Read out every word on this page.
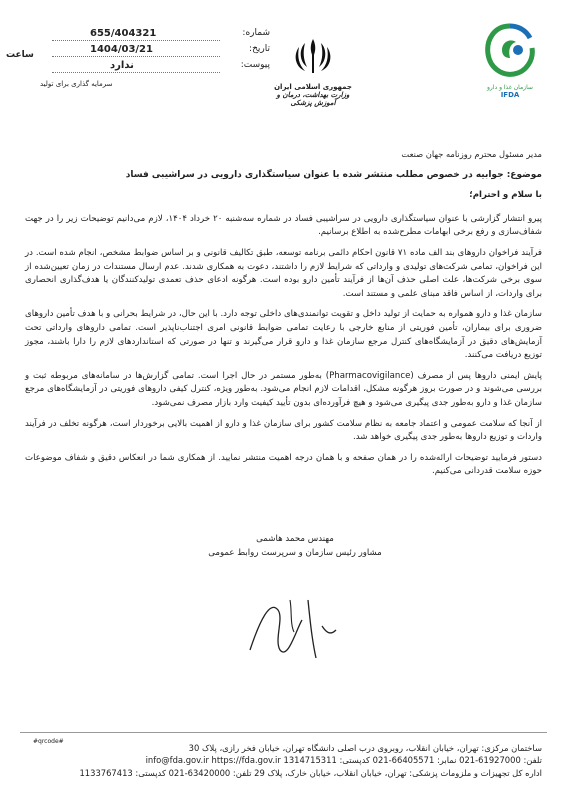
شماره:
655/404321
تاریخ:
1404/03/21
پیوست:
ندارد
ساعت
سرمایه گذاری برای تولید	جمهوری اسلامی ایران
وزارت بهداشت، درمان و آموزش پزشکی
سازمان غذا و دارو
IFDA

مدیر مسئول محترم روزنامه جهان صنعت

موضوع: جوابیه در خصوص مطلب منتشر شده با عنوان سیاستگذاری دارویی در سراشیبی فساد

با سلام و احترام؛

پیرو انتشار گزارشی با عنوان سیاستگذاری دارویی در سراشیبی فساد در شماره سه‌شنبه ۲۰ خرداد ۱۴۰۴، لازم می‌دانیم توضیحات زیر را در جهت شفاف‌سازی و رفع برخی ابهامات مطرح‌شده به اطلاع برسانیم.

فرآیند فراخوان داروهای بند الف ماده ۷۱ قانون احکام دائمی برنامه توسعه، طبق تکالیف قانونی و بر اساس ضوابط مشخص، انجام شده است. در این فراخوان، تمامی شرکت‌های تولیدی و وارداتی که شرایط لازم را داشتند، دعوت به همکاری شدند. عدم ارسال مستندات در زمان تعیین‌شده از سوی برخی شرکت‌ها، علت اصلی حذف آن‌ها از فرآیند تأمین دارو بوده است. هرگونه ادعای حذف تعمدی تولیدکنندگان یا هدف‌گذاری انحصاری برای واردات، از اساس فاقد مبنای علمی و مستند است.

سازمان غذا و دارو همواره به حمایت از تولید داخل و تقویت توانمندی‌های داخلی توجه دارد. با این حال، در شرایط بحرانی و با هدف تأمین داروهای ضروری برای بیماران، تأمین فوریتی از منابع خارجی با رعایت تمامی ضوابط قانونی امری اجتناب‌ناپذیر است. تمامی داروهای وارداتی تحت آزمایش‌های دقیق در آزمایشگاه‌های کنترل مرجع سازمان غذا و دارو قرار می‌گیرند و تنها در صورتی که استانداردهای لازم را دارا باشند، مجوز توزیع دریافت می‌کنند.

پایش ایمنی داروها پس از مصرف (Pharmacovigilance) به‌طور مستمر در حال اجرا است. تمامی گزارش‌ها در سامانه‌های مربوطه ثبت و بررسی می‌شوند و در صورت بروز هرگونه مشکل، اقدامات لازم انجام می‌شود. به‌طور ویژه، کنترل کیفی داروهای فوریتی در آزمایشگاه‌های مرجع سازمان غذا و دارو به‌طور جدی پیگیری می‌شود و هیچ فرآورده‌ای بدون تأیید کیفیت وارد بازار مصرف نمی‌شود.

از آنجا که سلامت عمومی و اعتماد جامعه به نظام سلامت کشور برای سازمان غذا و دارو از اهمیت بالایی برخوردار است، هرگونه تخلف در فرآیند واردات و توزیع داروها به‌طور جدی پیگیری خواهد شد.

دستور فرمایید توضیحات ارائه‌شده را در همان صفحه و با همان درجه اهمیت منتشر نمایید. از همکاری شما در انعکاس دقیق و شفاف موضوعات حوزه سلامت قدردانی می‌کنیم.

مهندس محمد هاشمی
مشاور رئیس سازمان و سرپرست روابط عمومی
#qrcode#
ساختمان مرکزی: تهران، خیابان انقلاب، روبروی درب اصلی دانشگاه تهران، خیابان فخر رازی، پلاک 30
تلفن: 61927000-021 نمابر: 66405571-021 کدپستی: 1314715311 info@fda.gov.ir https://fda.gov.ir
اداره کل تجهیزات و ملزومات پزشکی: تهران، خیابان انقلاب، خیابان خارک، پلاک 29 تلفن: 63420000-021 کدپستی: 1133767413
